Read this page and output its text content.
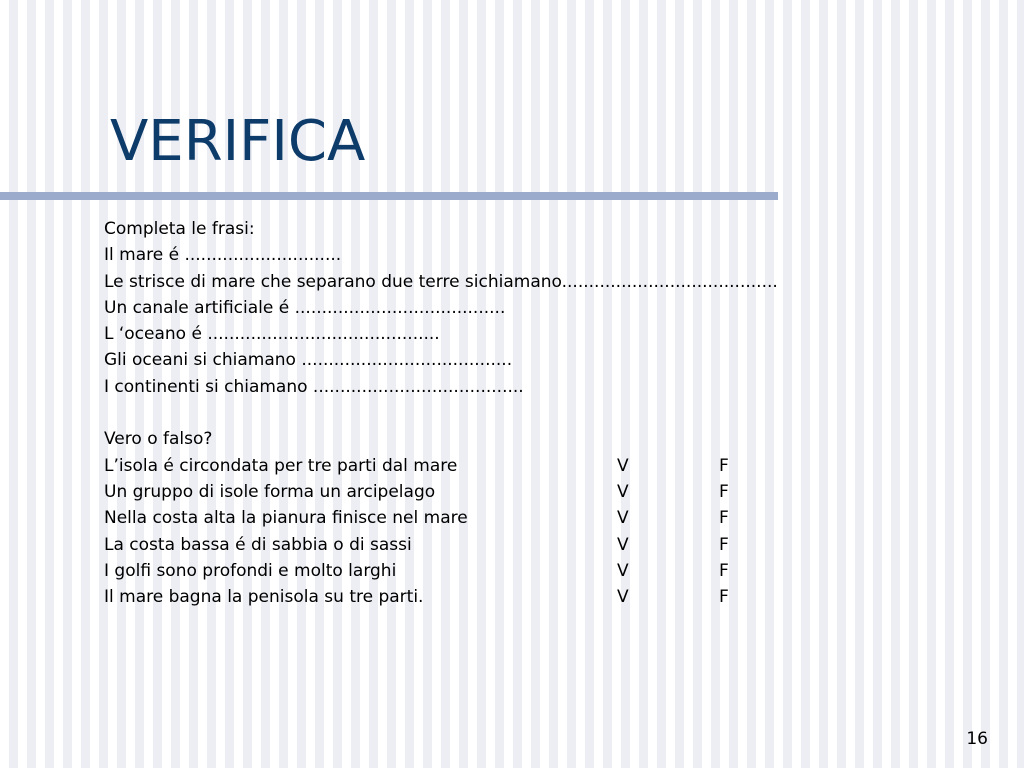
VERIFICA
Completa le frasi:
Il mare é .............................
Le strisce di mare che separano due terre sichiamano........................................
Un canale artificiale é .......................................
L ‘oceano é ...........................................
Gli oceani si chiamano .......................................
I continenti si chiamano .......................................
Vero o falso?
L’isola é circondata per tre parti dal mare	V	F
Un gruppo di isole forma un arcipelago	V	F
Nella costa alta la pianura finisce nel mare	V	F
La costa bassa é di sabbia o di sassi	V	F
I golfi sono profondi e molto larghi	V	F
Il mare bagna la penisola su tre parti.	V	F
16
